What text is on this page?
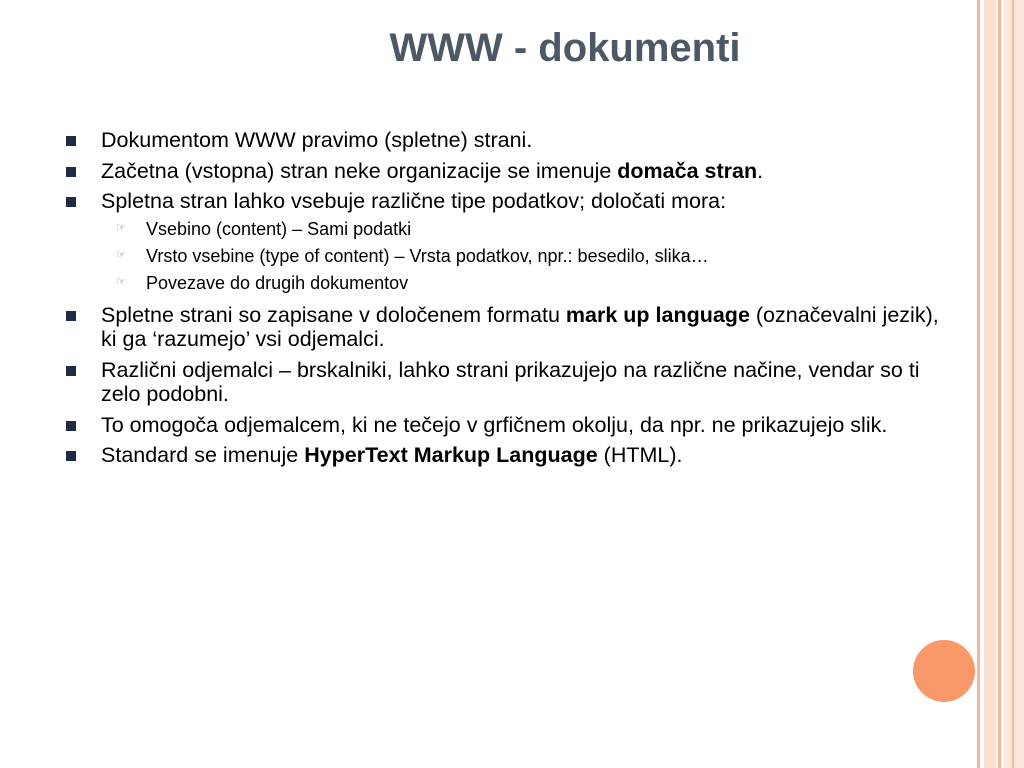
WWW - dokumenti
Dokumentom WWW pravimo (spletne) strani.
Začetna (vstopna) stran neke organizacije se imenuje domača stran.
Spletna stran lahko vsebuje različne tipe podatkov; določati mora:
☞	Vsebino (content) – Sami podatki
☞	Vrsto vsebine (type of content) – Vrsta podatkov, npr.: besedilo, slika…
☞	Povezave do drugih dokumentov
Spletne strani so zapisane v določenem formatu mark up language (označevalni jezik), ki ga ‘razumejo’ vsi odjemalci.
Različni odjemalci – brskalniki, lahko strani prikazujejo na različne načine, vendar so ti zelo podobni.
To omogoča odjemalcem, ki ne tečejo v grfičnem okolju, da npr. ne prikazujejo slik.
Standard se imenuje HyperText Markup Language (HTML).
